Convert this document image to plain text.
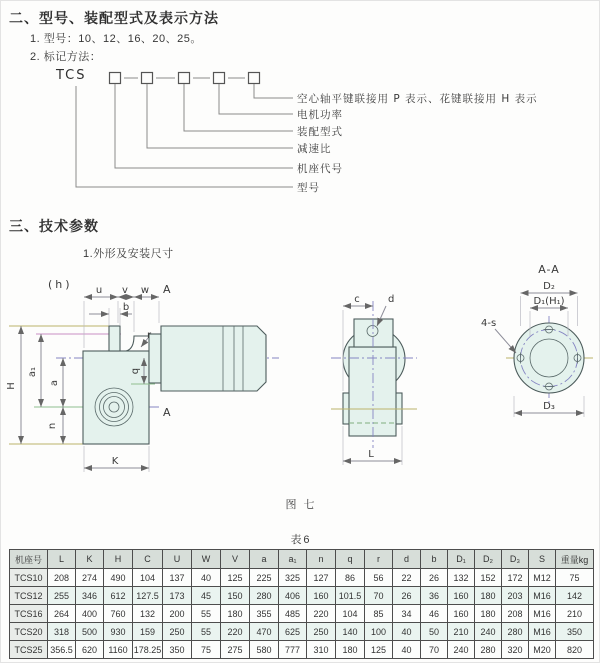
二、型号、装配型式及表示方法
1. 型号：10、12、16、20、25。
2. 标记方法：
TCS
空心轴平键联接用 P 表示、花键联接用 H 表示
电机功率
装配型式
减速比
机座代号
型号
三、技术参数
1.外形及安装尺寸
(h) u v w A
b
r
q
H
a₁
a
n
K
A
c	d
L
A-A
D₂
D₁(H₁)
4-s
D₃
图 七
表6
机座号	L	K	H	C	U	W	V	a	a₁	n	q	r	d	b	D₁	D₂	D₃	S	重量kg
TCS10	208	274	490	104	137	40	125	225	325	127	86	56	22	26	132	152	172	M12	75
TCS12	255	346	612	127.5	173	45	150	280	406	160	101.5	70	26	36	160	180	203	M16	142
TCS16	264	400	760	132	200	55	180	355	485	220	104	85	34	46	160	180	208	M16	210
TCS20	318	500	930	159	250	55	220	470	625	250	140	100	40	50	210	240	280	M16	350
TCS25	356.5	620	1160	178.25	350	75	275	580	777	310	180	125	40	70	240	280	320	M20	820
